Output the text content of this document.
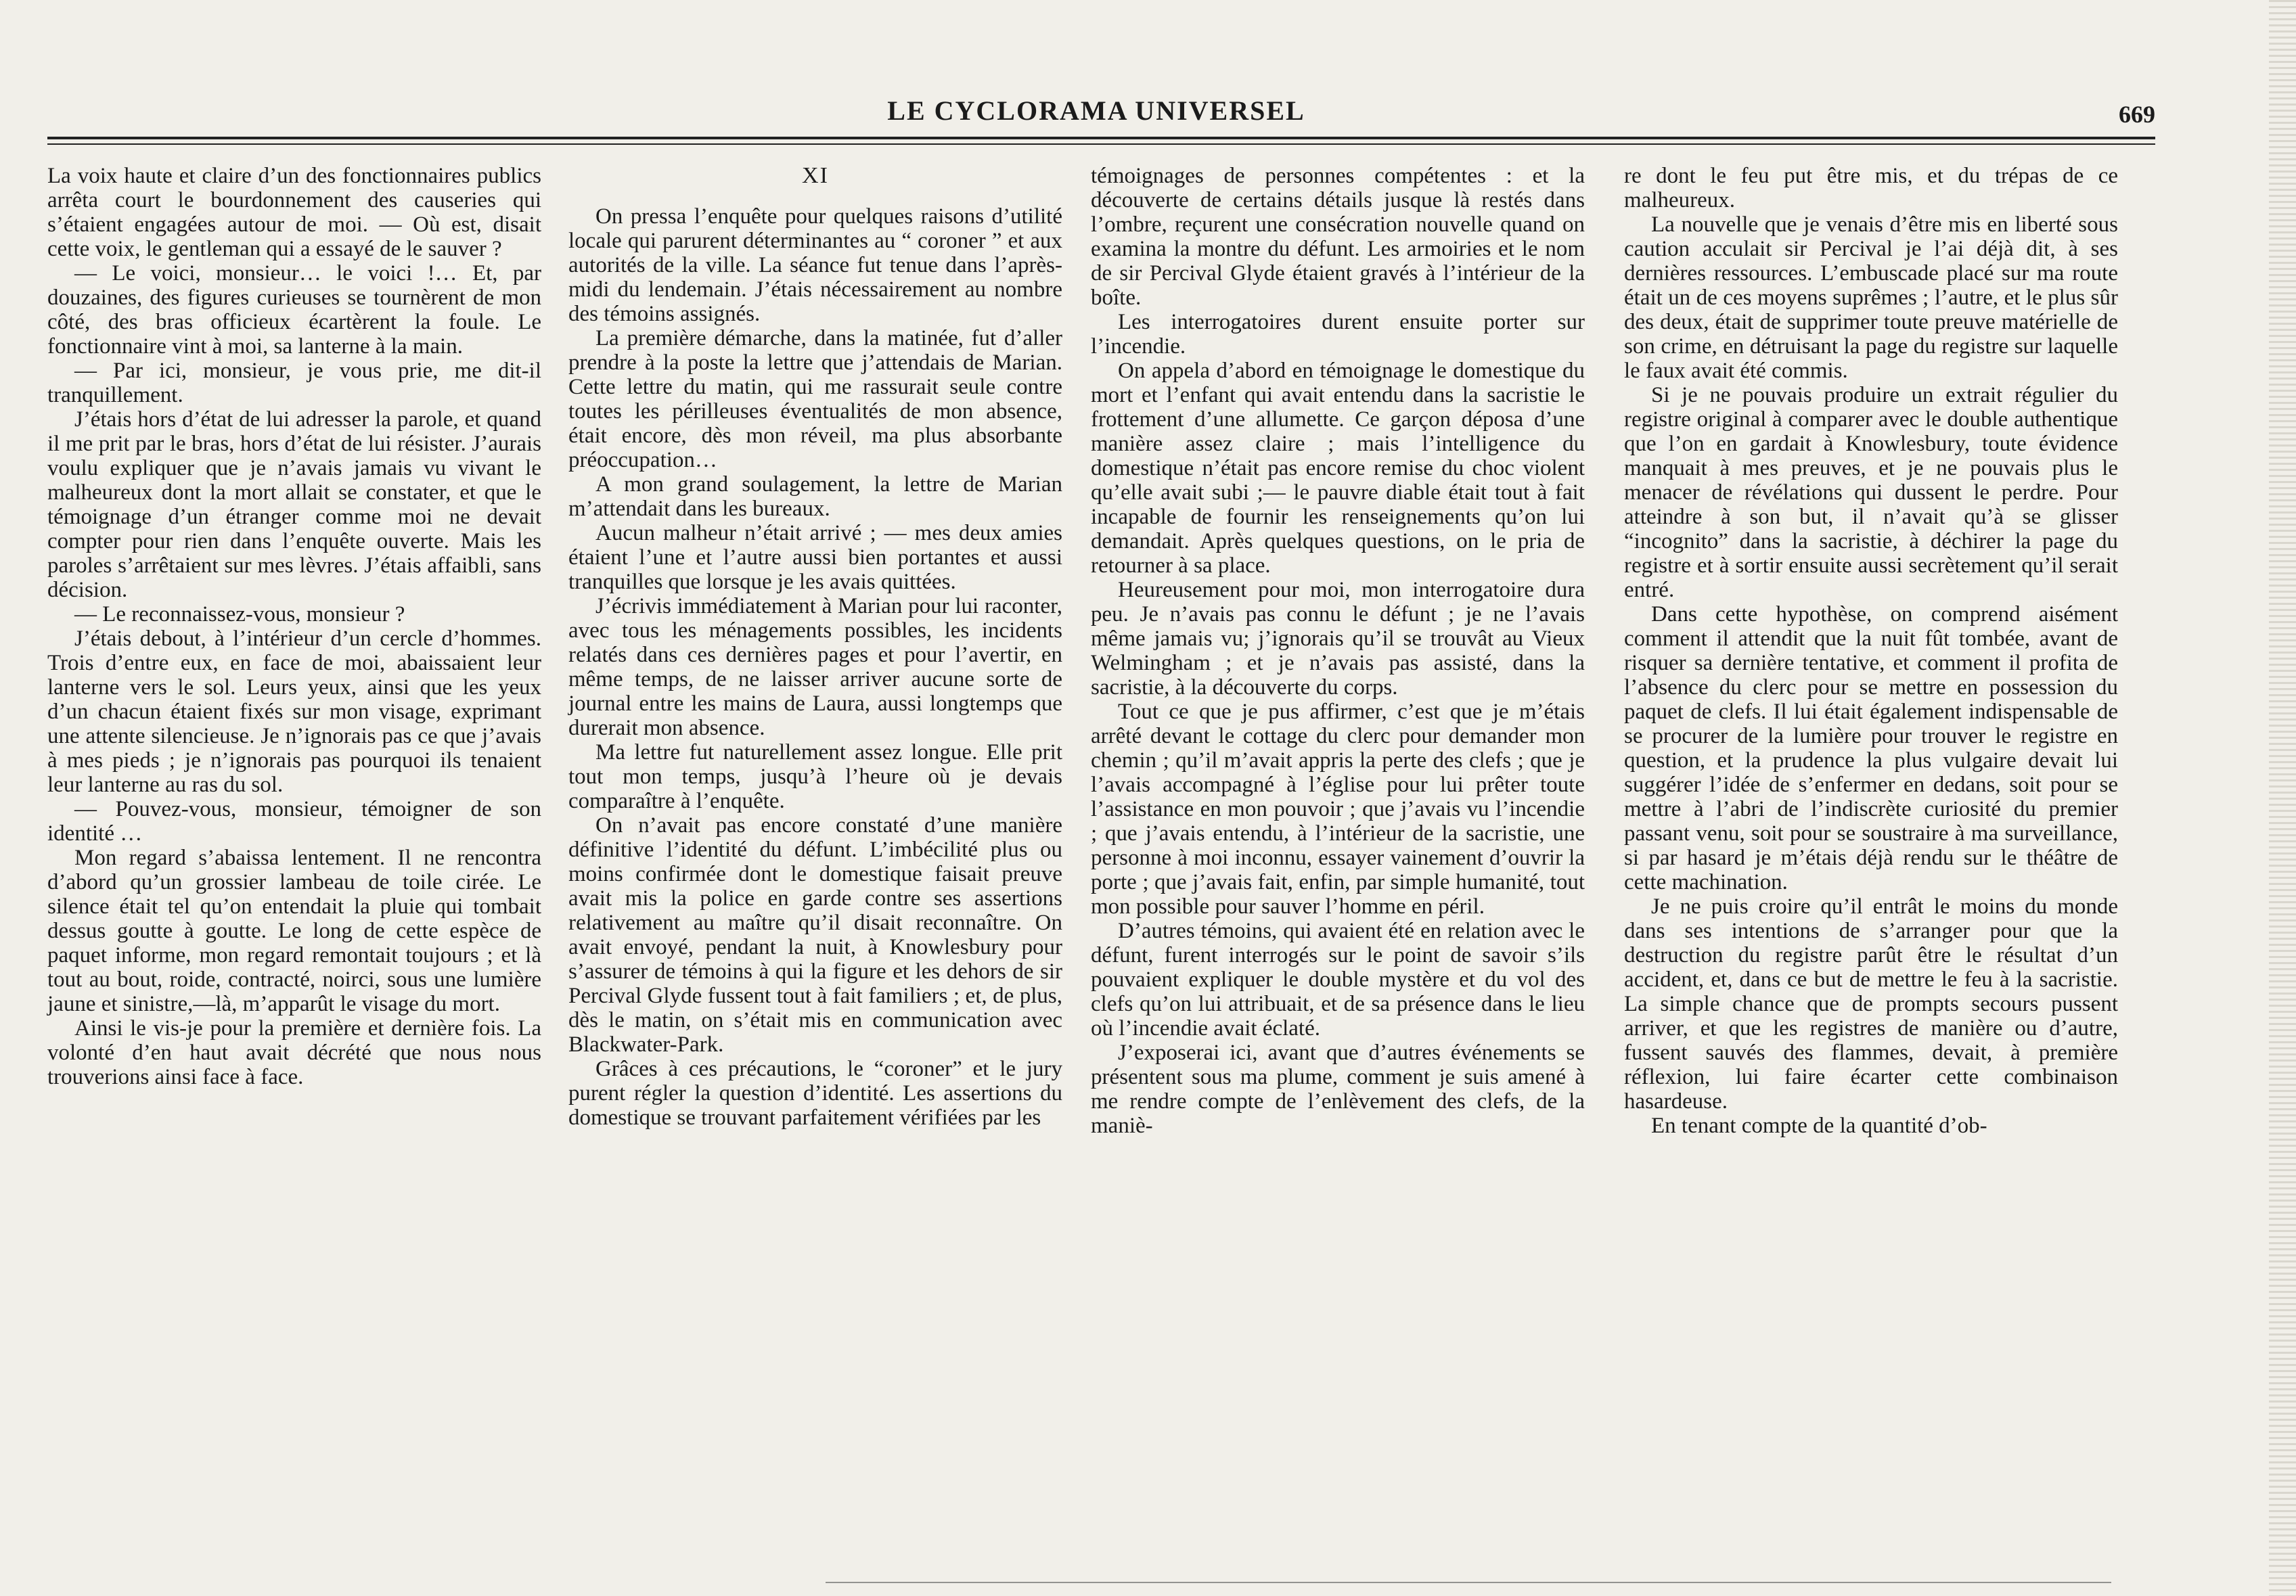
LE CYCLORAMA UNIVERSEL	669

La voix haute et claire d’un des fonctionnaires publics arrêta court le bourdonnement des causeries qui s’étaient engagées autour de moi. — Où est, disait cette voix, le gentleman qui a essayé de le sauver ?

— Le voici, monsieur… le voici !… Et, par douzaines, des figures curieuses se tournèrent de mon côté, des bras officieux écartèrent la foule. Le fonctionnaire vint à moi, sa lanterne à la main.

— Par ici, monsieur, je vous prie, me dit-il tranquillement.

J’étais hors d’état de lui adresser la parole, et quand il me prit par le bras, hors d’état de lui résister. J’aurais voulu expliquer que je n’avais jamais vu vivant le malheureux dont la mort allait se constater, et que le témoignage d’un étranger comme moi ne devait compter pour rien dans l’enquête ouverte. Mais les paroles s’arrêtaient sur mes lèvres. J’étais affaibli, sans décision.

— Le reconnaissez-vous, monsieur ?

J’étais debout, à l’intérieur d’un cercle d’hommes. Trois d’entre eux, en face de moi, abaissaient leur lanterne vers le sol. Leurs yeux, ainsi que les yeux d’un chacun étaient fixés sur mon visage, exprimant une attente silencieuse. Je n’ignorais pas ce que j’avais à mes pieds ; je n’ignorais pas pourquoi ils tenaient leur lanterne au ras du sol.

— Pouvez-vous, monsieur, témoigner de son identité …

Mon regard s’abaissa lentement. Il ne rencontra d’abord qu’un grossier lambeau de toile cirée. Le silence était tel qu’on entendait la pluie qui tombait dessus goutte à goutte. Le long de cette espèce de paquet informe, mon regard remontait toujours ; et là tout au bout, roide, contracté, noirci, sous une lumière jaune et sinistre,—là, m’apparût le visage du mort.

Ainsi le vis-je pour la première et dernière fois. La volonté d’en haut avait décrété que nous nous trouverions ainsi face à face.

XI

On pressa l’enquête pour quelques raisons d’utilité locale qui parurent déterminantes au “ coroner ” et aux autorités de la ville. La séance fut tenue dans l’après-midi du lendemain. J’étais nécessairement au nombre des témoins assignés.

La première démarche, dans la matinée, fut d’aller prendre à la poste la lettre que j’attendais de Marian. Cette lettre du matin, qui me rassurait seule contre toutes les périlleuses éventualités de mon absence, était encore, dès mon réveil, ma plus absorbante préoccupation…

A mon grand soulagement, la lettre de Marian m’attendait dans les bureaux.

Aucun malheur n’était arrivé ; — mes deux amies étaient l’une et l’autre aussi bien portantes et aussi tranquilles que lorsque je les avais quittées.

J’écrivis immédiatement à Marian pour lui raconter, avec tous les ménagements possibles, les incidents relatés dans ces dernières pages et pour l’avertir, en même temps, de ne laisser arriver aucune sorte de journal entre les mains de Laura, aussi longtemps que durerait mon absence.

Ma lettre fut naturellement assez longue. Elle prit tout mon temps, jusqu’à l’heure où je devais comparaître à l’enquête.

On n’avait pas encore constaté d’une manière définitive l’identité du défunt. L’imbécilité plus ou moins confirmée dont le domestique faisait preuve avait mis la police en garde contre ses assertions relativement au maître qu’il disait reconnaître. On avait envoyé, pendant la nuit, à Knowlesbury pour s’assurer de témoins à qui la figure et les dehors de sir Percival Glyde fussent tout à fait familiers ; et, de plus, dès le matin, on s’était mis en communication avec Blackwater-Park.

Grâces à ces précautions, le “coroner” et le jury purent régler la question d’identité. Les assertions du domestique se trouvant parfaitement vérifiées par les

témoignages de personnes compétentes : et la découverte de certains détails jusque là restés dans l’ombre, reçurent une consécration nouvelle quand on examina la montre du défunt. Les armoiries et le nom de sir Percival Glyde étaient gravés à l’intérieur de la boîte.

Les interrogatoires durent ensuite porter sur l’incendie.

On appela d’abord en témoignage le domestique du mort et l’enfant qui avait entendu dans la sacristie le frottement d’une allumette. Ce garçon déposa d’une manière assez claire ; mais l’intelligence du domestique n’était pas encore remise du choc violent qu’elle avait subi ;— le pauvre diable était tout à fait incapable de fournir les renseignements qu’on lui demandait. Après quelques questions, on le pria de retourner à sa place.

Heureusement pour moi, mon interrogatoire dura peu. Je n’avais pas connu le défunt ; je ne l’avais même jamais vu; j’ignorais qu’il se trouvât au Vieux Welmingham ; et je n’avais pas assisté, dans la sacristie, à la découverte du corps.

Tout ce que je pus affirmer, c’est que je m’étais arrêté devant le cottage du clerc pour demander mon chemin ; qu’il m’avait appris la perte des clefs ; que je l’avais accompagné à l’église pour lui prêter toute l’assistance en mon pouvoir ; que j’avais vu l’incendie ; que j’avais entendu, à l’intérieur de la sacristie, une personne à moi inconnu, essayer vainement d’ouvrir la porte ; que j’avais fait, enfin, par simple humanité, tout mon possible pour sauver l’homme en péril.

D’autres témoins, qui avaient été en relation avec le défunt, furent interrogés sur le point de savoir s’ils pouvaient expliquer le double mystère et du vol des clefs qu’on lui attribuait, et de sa présence dans le lieu où l’incendie avait éclaté.

J’exposerai ici, avant que d’autres événements se présentent sous ma plume, comment je suis amené à me rendre compte de l’enlèvement des clefs, de la maniè-

re dont le feu put être mis, et du trépas de ce malheureux.

La nouvelle que je venais d’être mis en liberté sous caution acculait sir Percival je l’ai déjà dit, à ses dernières ressources. L’embuscade placé sur ma route était un de ces moyens suprêmes ; l’autre, et le plus sûr des deux, était de supprimer toute preuve matérielle de son crime, en détruisant la page du registre sur laquelle le faux avait été commis.

Si je ne pouvais produire un extrait régulier du registre original à comparer avec le double authentique que l’on en gardait à Knowlesbury, toute évidence manquait à mes preuves, et je ne pouvais plus le menacer de révélations qui dussent le perdre. Pour atteindre à son but, il n’avait qu’à se glisser “incognito” dans la sacristie, à déchirer la page du registre et à sortir ensuite aussi secrètement qu’il serait entré.

Dans cette hypothèse, on comprend aisément comment il attendit que la nuit fût tombée, avant de risquer sa dernière tentative, et comment il profita de l’absence du clerc pour se mettre en possession du paquet de clefs. Il lui était également indispensable de se procurer de la lumière pour trouver le registre en question, et la prudence la plus vulgaire devait lui suggérer l’idée de s’enfermer en dedans, soit pour se mettre à l’abri de l’indiscrète curiosité du premier passant venu, soit pour se soustraire à ma surveillance, si par hasard je m’étais déjà rendu sur le théâtre de cette machination.

Je ne puis croire qu’il entrât le moins du monde dans ses intentions de s’arranger pour que la destruction du registre parût être le résultat d’un accident, et, dans ce but de mettre le feu à la sacristie. La simple chance que de prompts secours pussent arriver, et que les registres de manière ou d’autre, fussent sauvés des flammes, devait, à première réflexion, lui faire écarter cette combinaison hasardeuse.

En tenant compte de la quantité d’ob-
